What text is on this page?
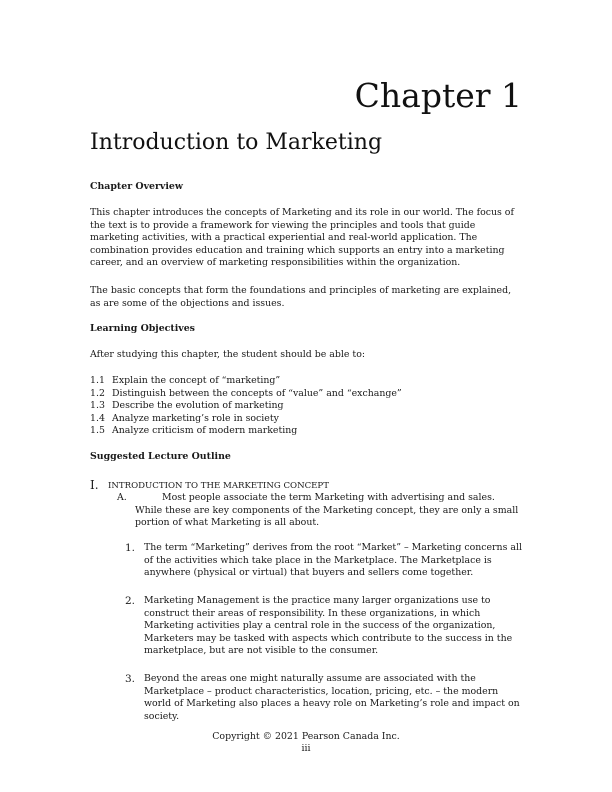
Chapter 1
Introduction to Marketing
Chapter Overview

This chapter introduces the concepts of Marketing and its role in our world. The focus of the text is to provide a framework for viewing the principles and tools that guide marketing activities, with a practical experiential and real-world application. The combination provides education and training which supports an entry into a marketing career, and an overview of marketing responsibilities within the organization.

The basic concepts that form the foundations and principles of marketing are explained, as are some of the objections and issues.

Learning Objectives

After studying this chapter, the student should be able to:

1.1 Explain the concept of “marketing”
1.2 Distinguish between the concepts of “value” and “exchange”
1.3 Describe the evolution of marketing
1.4 Analyze marketing’s role in society
1.5 Analyze criticism of modern marketing
Suggested Lecture Outline
I.	INTRODUCTION TO THE MARKETING CONCEPT
A.	Most people associate the term Marketing with advertising and sales. While these are key components of the Marketing concept, they are only a small portion of what Marketing is all about.
1. The term “Marketing” derives from the root “Market” – Marketing concerns all of the activities which take place in the Marketplace. The Marketplace is anywhere (physical or virtual) that buyers and sellers come together.
2. Marketing Management is the practice many larger organizations use to construct their areas of responsibility. In these organizations, in which Marketing activities play a central role in the success of the organization, Marketers may be tasked with aspects which contribute to the success in the marketplace, but are not visible to the consumer.
3. Beyond the areas one might naturally assume are associated with the Marketplace – product characteristics, location, pricing, etc. – the modern world of Marketing also places a heavy role on Marketing’s role and impact on society.
Copyright © 2021 Pearson Canada Inc.
iii
